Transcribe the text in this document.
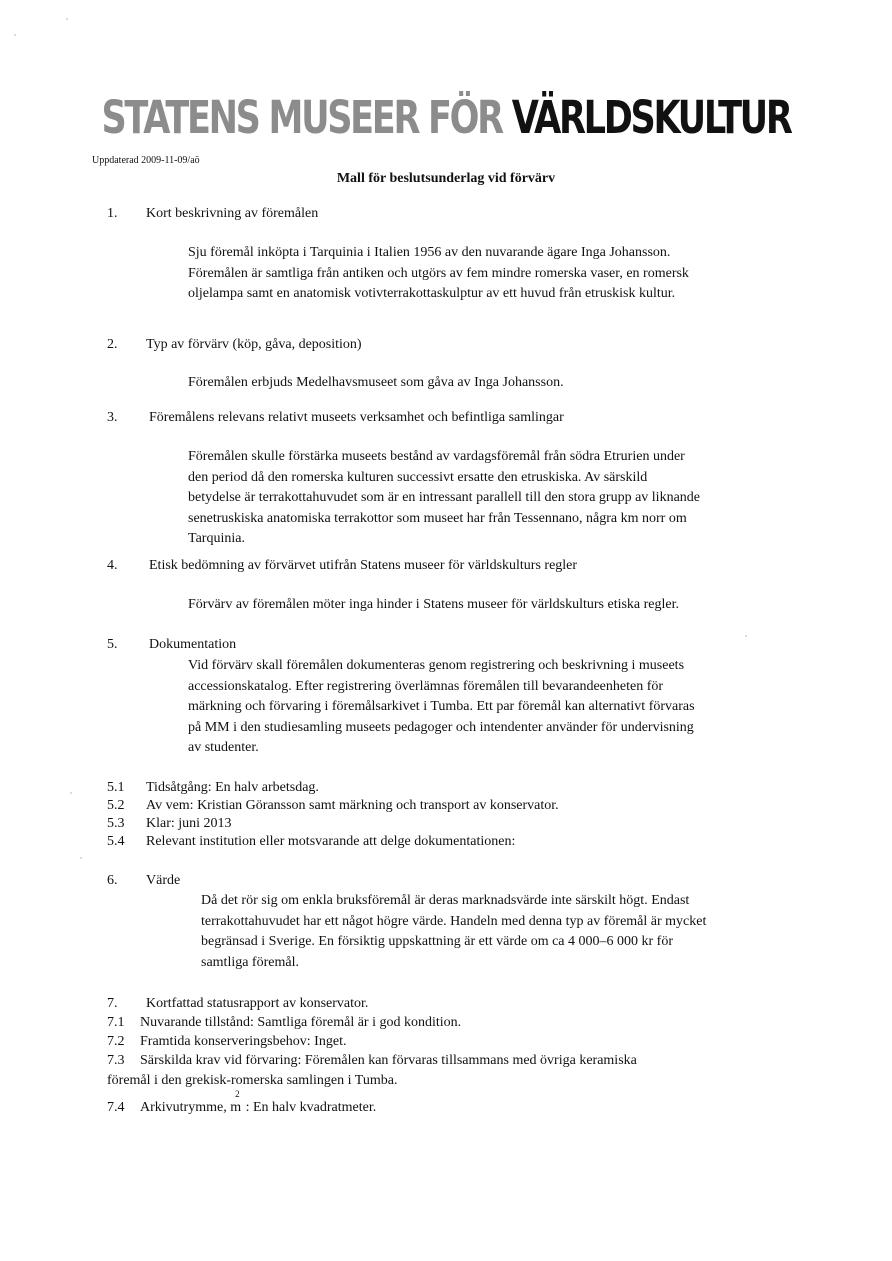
STATENS MUSEER FÖR VÄRLDSKULTUR
Uppdaterad 2009-11-09/aö
Mall för beslutsunderlag vid förvärv
1. Kort beskrivning av föremålen

Sju föremål inköpta i Tarquinia i Italien 1956 av den nuvarande ägare Inga Johansson.

Föremålen är samtliga från antiken och utgörs av fem mindre romerska vaser, en romersk

oljelampa samt en anatomisk votivterrakottaskulptur av ett huvud från etruskisk kultur.

2. Typ av förvärv (köp, gåva, deposition)

Föremålen erbjuds Medelhavsmuseet som gåva av Inga Johansson.

3. Föremålens relevans relativt museets verksamhet och befintliga samlingar

Föremålen skulle förstärka museets bestånd av vardagsföremål från södra Etrurien under

den period då den romerska kulturen successivt ersatte den etruskiska. Av särskild

betydelse är terrakottahuvudet som är en intressant parallell till den stora grupp av liknande

senetruskiska anatomiska terrakottor som museet har från Tessennano, några km norr om

Tarquinia.

4. Etisk bedömning av förvärvet utifrån Statens museer för världskulturs regler

Förvärv av föremålen möter inga hinder i Statens museer för världskulturs etiska regler.

5. Dokumentation

Vid förvärv skall föremålen dokumenteras genom registrering och beskrivning i museets

accessionskatalog. Efter registrering överlämnas föremålen till bevarandeenheten för

märkning och förvaring i föremålsarkivet i Tumba. Ett par föremål kan alternativt förvaras

på MM i den studiesamling museets pedagoger och intendenter använder för undervisning

av studenter.

5.1 Tidsåtgång: En halv arbetsdag.
5.2 Av vem: Kristian Göransson samt märkning och transport av konservator.
5.3 Klar: juni 2013
5.4 Relevant institution eller motsvarande att delge dokumentationen:
6. Värde

Då det rör sig om enkla bruksföremål är deras marknadsvärde inte särskilt högt. Endast

terrakottahuvudet har ett något högre värde. Handeln med denna typ av föremål är mycket

begränsad i Sverige. En försiktig uppskattning är ett värde om ca 4 000–6 000 kr för

samtliga föremål.

7. Kortfattad statusrapport av konservator.
7.1 Nuvarande tillstånd: Samtliga föremål är i god kondition.
7.2 Framtida konserveringsbehov: Inget.
7.3 Särskilda krav vid förvaring: Föremålen kan förvaras tillsammans med övriga keramiska
föremål i den grekisk-romerska samlingen i Tumba.
7.4 Arkivutrymme, $m^2$: En halv kvadratmeter.
